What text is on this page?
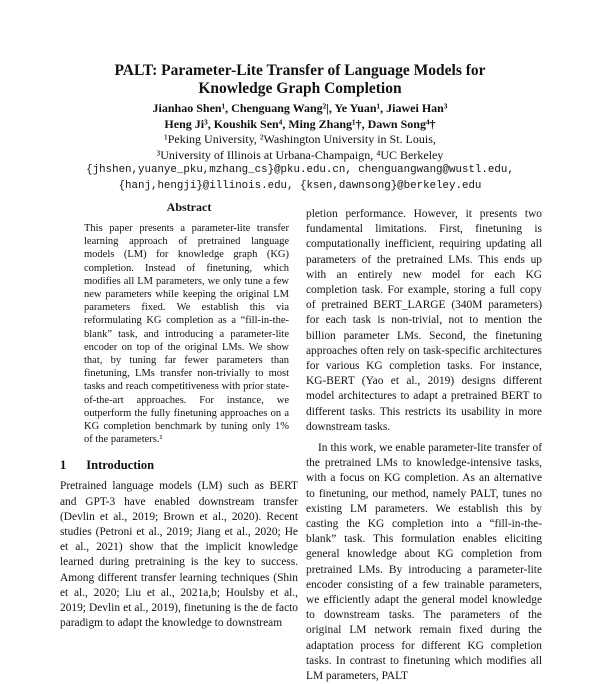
PALT: Parameter-Lite Transfer of Language Models for
Knowledge Graph Completion
Jianhao Shen¹, Chenguang Wang²|, Ye Yuan¹, Jiawei Han³
Heng Ji³, Koushik Sen⁴, Ming Zhang¹†, Dawn Song⁴†
¹Peking University, ²Washington University in St. Louis,
³University of Illinois at Urbana-Champaign, ⁴UC Berkeley
{jhshen,yuanye_pku,mzhang_cs}@pku.edu.cn, chenguangwang@wustl.edu,
{hanj,hengji}@illinois.edu, {ksen,dawnsong}@berkeley.edu
Abstract
This paper presents a parameter-lite transfer learning approach of pretrained language models (LM) for knowledge graph (KG) completion. Instead of finetuning, which modifies all LM parameters, we only tune a few new parameters while keeping the original LM parameters fixed. We establish this via reformulating KG completion as a “fill-in-the-blank” task, and introducing a parameter-lite encoder on top of the original LMs. We show that, by tuning far fewer parameters than finetuning, LMs transfer non-trivially to most tasks and reach competitiveness with prior state-of-the-art approaches. For instance, we outperform the fully finetuning approaches on a KG completion benchmark by tuning only 1% of the parameters.¹
1 Introduction
Pretrained language models (LM) such as BERT and GPT-3 have enabled downstream transfer (Devlin et al., 2019; Brown et al., 2020). Recent studies (Petroni et al., 2019; Jiang et al., 2020; He et al., 2021) show that the implicit knowledge learned during pretraining is the key to success. Among different transfer learning techniques (Shin et al., 2020; Liu et al., 2021a,b; Houlsby et al., 2019; Devlin et al., 2019), finetuning is the de facto paradigm to adapt the knowledge to downstream

pletion performance. However, it presents two fundamental limitations. First, finetuning is computationally inefficient, requiring updating all parameters of the pretrained LMs. This ends up with an entirely new model for each KG completion task. For example, storing a full copy of pretrained BERT_LARGE (340M parameters) for each task is non-trivial, not to mention the billion parameter LMs. Second, the finetuning approaches often rely on task-specific architectures for various KG completion tasks. For instance, KG-BERT (Yao et al., 2019) designs different model architectures to adapt a pretrained BERT to different tasks. This restricts its usability in more downstream tasks.

In this work, we enable parameter-lite transfer of the pretrained LMs to knowledge-intensive tasks, with a focus on KG completion. As an alternative to finetuning, our method, namely PALT, tunes no existing LM parameters. We establish this by casting the KG completion into a “fill-in-the-blank” task. This formulation enables eliciting general knowledge about KG completion from pretrained LMs. By introducing a parameter-lite encoder consisting of a few trainable parameters, we efficiently adapt the general model knowledge to downstream tasks. The parameters of the original LM network remain fixed during the adaptation process for different KG completion tasks. In contrast to finetuning which modifies all LM parameters, PALT
